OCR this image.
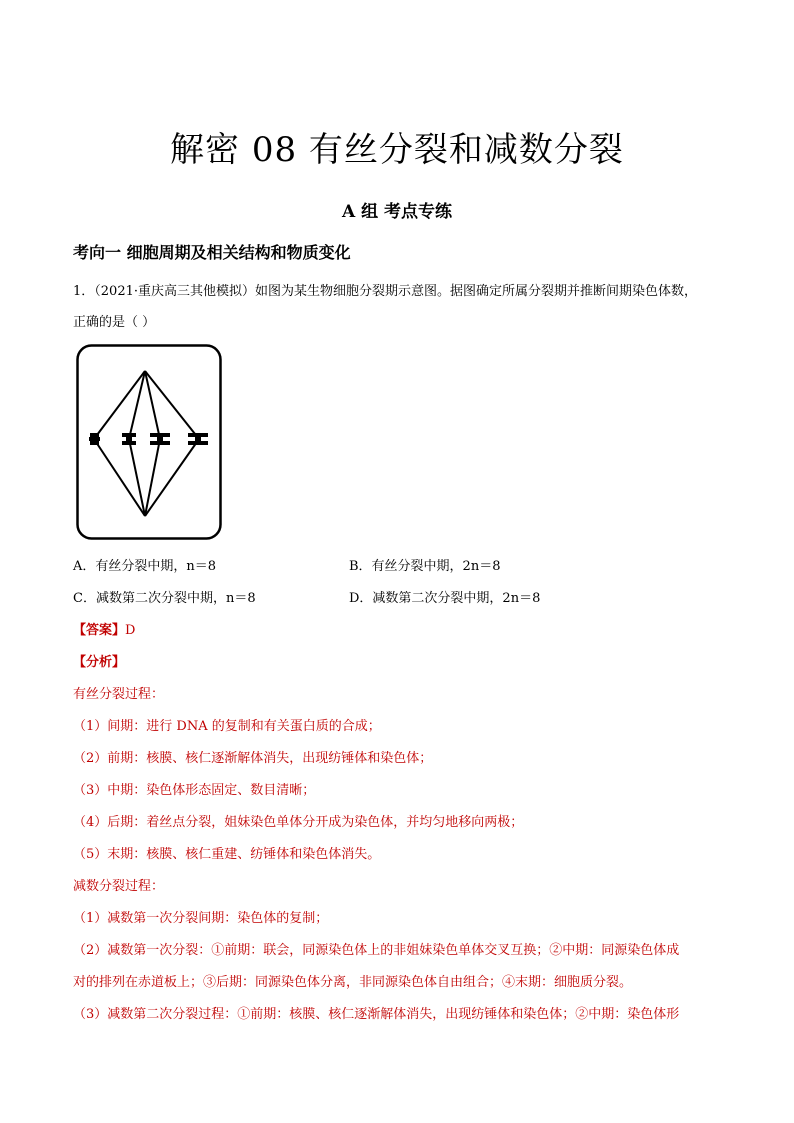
解密 08 有丝分裂和减数分裂
A 组 考点专练
考向一 细胞周期及相关结构和物质变化
1．（2021·重庆高三其他模拟）如图为某生物细胞分裂期示意图。据图确定所属分裂期并推断间期染色体数，
正确的是（ ）
A．有丝分裂中期，n＝8	B．有丝分裂中期，2n＝8
C．减数第二次分裂中期，n＝8	D．减数第二次分裂中期，2n＝8
【答案】D
【分析】
有丝分裂过程：
（1）间期：进行 DNA 的复制和有关蛋白质的合成；
（2）前期：核膜、核仁逐渐解体消失，出现纺锤体和染色体；
（3）中期：染色体形态固定、数目清晰；
（4）后期：着丝点分裂，姐妹染色单体分开成为染色体，并均匀地移向两极；
（5）末期：核膜、核仁重建、纺锤体和染色体消失。
减数分裂过程：
（1）减数第一次分裂间期：染色体的复制；
（2）减数第一次分裂：①前期：联会，同源染色体上的非姐妹染色单体交叉互换；②中期：同源染色体成
对的排列在赤道板上；③后期：同源染色体分离，非同源染色体自由组合；④末期：细胞质分裂。
（3）减数第二次分裂过程：①前期：核膜、核仁逐渐解体消失，出现纺锤体和染色体；②中期：染色体形
